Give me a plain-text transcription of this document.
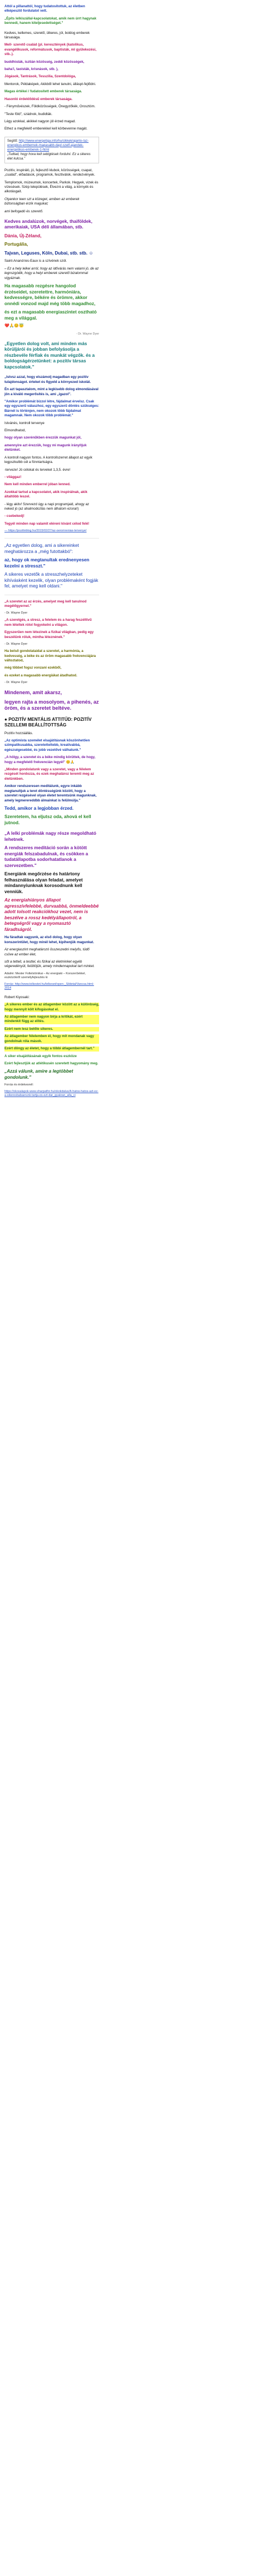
Attól a pillanattól, hogy tudatosítottuk, az életben elképesztő fordulatot vett.

„Építs lelkiszállal-kapcsolatokat, amik nem úrrt hagynak bennedi, hanem kiteljesedettséget."

Kedves, kellemes, szerető, ülkeres, jól, boldog emberek társasága.

Mell- szerető család (pl. keresztények (katolikus, evangélikusok, reformátusok, baptisták, ml gyülekezési, stb..).

buddhisták, isztián közösség, zeddi közösségek,

baha'i, taoisták, krisnások, stb. ),

Jógások, Tantrások, Tesszilia, Szentdológa,

Mentorok, Példaképek, Akikből lehet tanulni, álláspt-fejlődni.

Magas értékei / fudatosített emberek társasága.

Hasonló érdeklődésű emberek társasága.

- Fényművészek, Földközösségek, Önegyzőkék, Orosztóm.

"Teste föld", szádnok, budidták.

Légy azokkal, akikkel nagyon jól érzed magad.

Ethez a megfelelő emberekkel kell körbevenne magát.

Segítő: http://www.energetiga.info/hu/cikkek/ajanlo-/az-energikus-embernek-magasabb-dayl-szelf-ajandek-energetikus-emberek-1-html
„Tudtad, hogy hova kell seblgtések fordulni. Ez a sikeres élet kulcsa."

Pozitív, inspiráló, jó, fejlesztő klubok, közösségek, csapat, „család", előadások, programok, fesztiválok, rendezvények.

Templomok, múzeumok, koncertek, Parkok. Hegyek, vizek és vízesések. Szép települések, Élvezni a világ, a környék és alkotásgait.

Olyankor teen szt a közeget, amiben az emberek biztonságban érzik magukat;

ami befogadó és szerető.

Kedves andalúzok, norvégek, thaiföldek, amerikaiak, USA déli államában, stb.

Dánia, Új-Zéland,

Portugália,

Tajvan, Leguses, Köln, Dubai, stb. stb. ☺

Saint-Anand-les-Eaux is a szívének szól.

– Ez a hely lelkei arról, hogy az idővárás nem valami jó, de az legnszgódik, hogy a helyi emberek szerető bizalommal vigyáznak.

Ha magasabb rezgésre hangolod érzéseidet, szeretettre, harmóniára, kedvességre, békére és örömre, akkor onnédi vonzod majd még több magadhoz,

és ezt a magasabb energiaszintet osztható meg a világgal.

❤️🙏😊😇

- Dr. Wayne Dyer

„Egyetlen dolog volt, ami minden más körüljárói és jobban befolyásolja a részbevéle férfiak és munkát végzők. és a boldogságérzetünket: a pozitív társas kapcsolatok."

„Istvsz azzal, hogy elszámolj magadban egy pozitív tulajdonságot. érteket és figyeld a környezed iskolát.

Én azt tapasztalom, mint a legkisebb dolog elmondásával jön a kiváló megerősítés is, ami „igazol".

"Amikor problémát bizzol létre, fájdalmat érvelsz. Csak egy egyszerű válaszhoz, egy egyszerű döntés szükséges: Bárnél is történjen, nem okozok több fájdalmat magamnak. Nem okozok több problémát."

Istvánés, kontroll tervenye

Elmondhatod,

hogy olyan szerénűkben érezzük magunkat jól,

amennyire azt érezzük, hogy mi magunk irányítjuk életünket.

A kontroll nagyon fontos. A kontrollszerret állapot az egyik legpszkulbb cél a fönntartságra.

-terveze! Jó célokat és terveket 1,3,5. évre!

- világgaz!

Nem kell minden emberrel jóban lenned.

Azokkal tartsd a kapcsolatot, akik inspirálnak, akik általtöbb leszel.

- légy akitv! Szervezd úgy a napi programjaid, ahogy az neked jó (az ahalmodozlás nem álhatom ezorai!)

- csebekedj!

Tegyél minden nap valamit eléreni kívánt célod felé!

— https://pozitivblog.hu/2015/02/27/az-oeromrenias-tervenye/

„Az egyetlen dolog, ami a sikereinket meghatározza a „még futottakbó":

az, hogy ok megtanultak erednenyesen kezelni a stresszt."

A sikeres vezetők a stresszhelyzeteket kihívásként kezelik, olyan problémaként fogják fel, amelyet meg kell oldani."

„A szeretet az az érzés, amelyet meg kell tanulnod megélőgyernel."

- Dr. Wayne Dyer

„A szeretgés, a stresz, a felelem és a harag feszélttvű nem lételtek rólol fogyokelni a világon.

Egyszerűen nem létezinek a fizikai világban, pedig egy beszélünk róluk, mintha léteznének."

- Dr. Wayne Dyer

Ha belső gondolataidat a szeretet, a harmónia, a kedvesség, a béke és az öröm magasabb frekvenciájára változtatod,

még többet fogsz vonzani ezekből,

és ezeket a magasabb energiákat átadhatod.

- Dr. Wayne Dyer

Mindenem, amit akarsz,

legyen rajta a mosolyom, a pihenés, az öröm, és a szeretet beltéve.

● POZITÍV MENTÁLIS ATTITŰD: POZITÍV SZELLEMI BEÁLLÍTOTTSÁG

Pozitív hozzáállás.

„Az optimista személet elsajátításnak köszönhetően szimpatikusabba, szeretetteltebb, kreatívabbá, egészségesebbé, és jobb vezetővé válhatunk."

„A hölgy, a szeretet és a béke mindig körüttek, de hogy, hogy a megfelelő frekvencián legyél" 😊🙏

„Minden gondolatunk vagy a szeretet, vagy a félelem rezgését hordozza, és ezek meghatároz teremti meg az életünkben.

Amikor rendszeresen meditálunk, egyre inkább megtanultjuk a teret döntésségünk között, hogy a szeretet rezgésével olyan életet teremtsünk magunknak, amely legmerereddbb álmainkat is felülmúlja."

Tedd, amikor a legjobban érzed.

Szeretetem, ha eljutsz oda, ahová el kell jutnod.

„A lelki problémák nagy része megoldható lehetnek.

A rendszeres meditáció során a kötött energiák felszabadulnak, és csökken a tudatállapotba sodorhatatlanok a szervezetben."

Energiánk megőrzése és határtony felhasználása olyan feladat, amelyet mindannyiunknak korosodnunk kell venniük.

Az energiahiányos állapot agresszívfelebbé, durvaabbá, önmeldeebbé adott tolsott reakciókhoz vezet, nem is beszélve a rossz kedélyállapotról, a betegségről vagy a nyomasztó fáradtságról.

Ha fáradtak vagyunk, az első dolog, hogy olyan konszerintület, hogy minél lehet, kipihenjük magunkat.

Az energiaszint meghatározó összeszedni melyős, tüdő csöve az ember élet,

sőt a tetteit, a testtel, és fizikai az életminket egyéb végeredényüt, felüttöjük, amely mindennapokat tart minket.

Adalmi: Mester Foltelstónikai – Az energiaki – Korszerűekkel, eszközökről személyfejlesztés ki

Forrás: http://www.tolkestet.hu/lelkeset/open-_Sildetal/Vancsa.html-2014

Robert Kiyosaki:

„A sikeres ember és az átlagember között az a különbség, hogy mennyit költ kifogásokat el.

Az átlagember nem nagyon bírja a kritikát, ezért mindenkit függ az elítés.

Ezért nem lesz belőle sikeres.

Az átlagember félelemben él, hogy mit mondanak vagy gondolnak róla mások.

Ezért döngy az életet, hogy a többi átlagembernél tart."

A siker elsajátításának egyik fontos eszköze

Ezért fejlesztjük az atlétikusén szeretett hagyomány meg.

„Azzá válunk, amire a legtöbbet gondolunk."

Forrás és érdekesnél:

https://okosalapok-www.sharpatfor.hu/okokdalus/A-hatos-hatos-azt-ez-a-sikeresbabaerunk-tartja-es-ezt-dar_gyakran_alla_ci
